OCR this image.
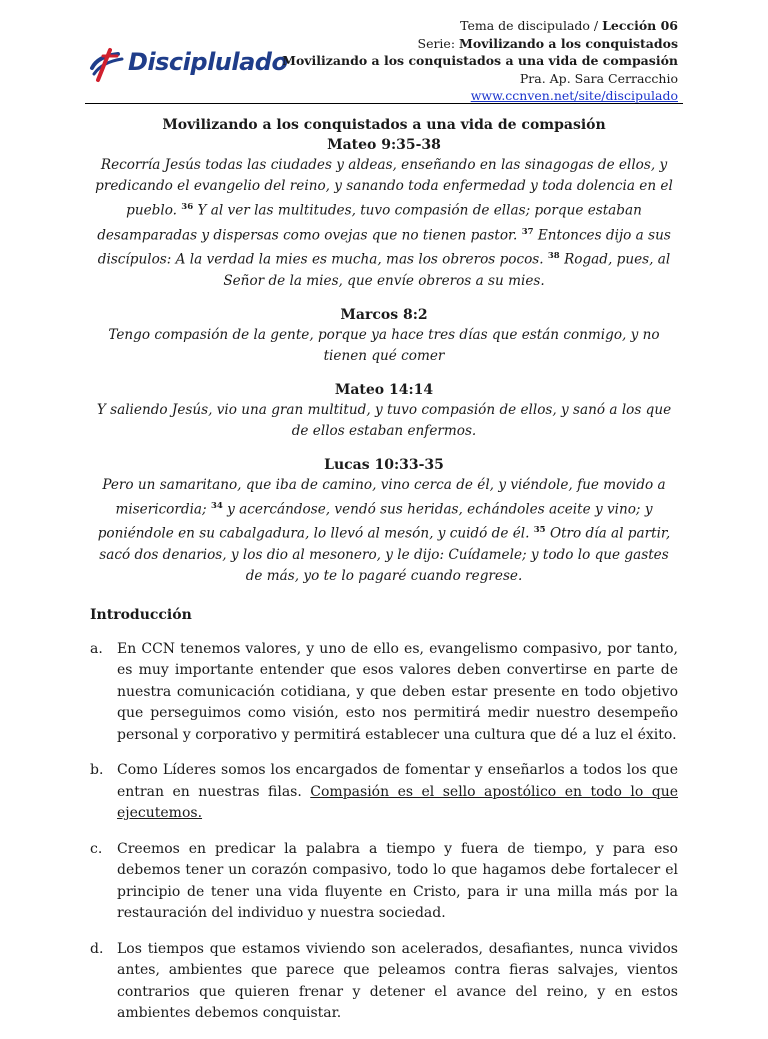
Disciplulado
Tema de discipulado / Lección 06
Serie: Movilizando a los conquistados
Movilizando a los conquistados a una vida de compasión
Pra. Ap. Sara Cerracchio
www.ccnven.net/site/discipulado

Movilizando a los conquistados a una vida de compasión

Mateo 9:35-38

Recorría Jesús todas las ciudades y aldeas, enseñando en las sinagogas de ellos, y predicando el evangelio del reino, y sanando toda enfermedad y toda dolencia en el pueblo. $^{36}$ Y al ver las multitudes, tuvo compasión de ellas; porque estaban desamparadas y dispersas como ovejas que no tienen pastor. $^{37}$ Entonces dijo a sus discípulos: A la verdad la mies es mucha, mas los obreros pocos. $^{38}$ Rogad, pues, al Señor de la mies, que envíe obreros a su mies.

Marcos 8:2

Tengo compasión de la gente, porque ya hace tres días que están conmigo, y no tienen qué comer

Mateo 14:14

Y saliendo Jesús, vio una gran multitud, y tuvo compasión de ellos, y sanó a los que de ellos estaban enfermos.

Lucas 10:33-35

Pero un samaritano, que iba de camino, vino cerca de él, y viéndole, fue movido a misericordia; $^{34}$ y acercándose, vendó sus heridas, echándoles aceite y vino; y poniéndole en su cabalgadura, lo llevó al mesón, y cuidó de él. $^{35}$ Otro día al partir, sacó dos denarios, y los dio al mesonero, y le dijo: Cuídamele; y todo lo que gastes de más, yo te lo pagaré cuando regrese.

Introducción

a.	En CCN tenemos valores, y uno de ello es, evangelismo compasivo, por tanto, es muy importante entender que esos valores deben convertirse en parte de nuestra comunicación cotidiana, y que deben estar presente en todo objetivo que perseguimos como visión, esto nos permitirá medir nuestro desempeño personal y corporativo y permitirá establecer una cultura que dé a luz el éxito.
b. Como Líderes somos los encargados de fomentar y enseñarlos a todos los que entran en nuestras filas. Compasión es el sello apostólico en todo lo que ejecutemos.
c.	Creemos en predicar la palabra a tiempo y fuera de tiempo, y para eso debemos tener un corazón compasivo, todo lo que hagamos debe fortalecer el principio de tener una vida fluyente en Cristo, para ir una milla más por la restauración del individuo y nuestra sociedad.
d. Los tiempos que estamos viviendo son acelerados, desafiantes, nunca vividos antes, ambientes que parece que peleamos contra fieras salvajes, vientos contrarios que quieren frenar y detener el avance del reino, y en estos ambientes debemos conquistar.
